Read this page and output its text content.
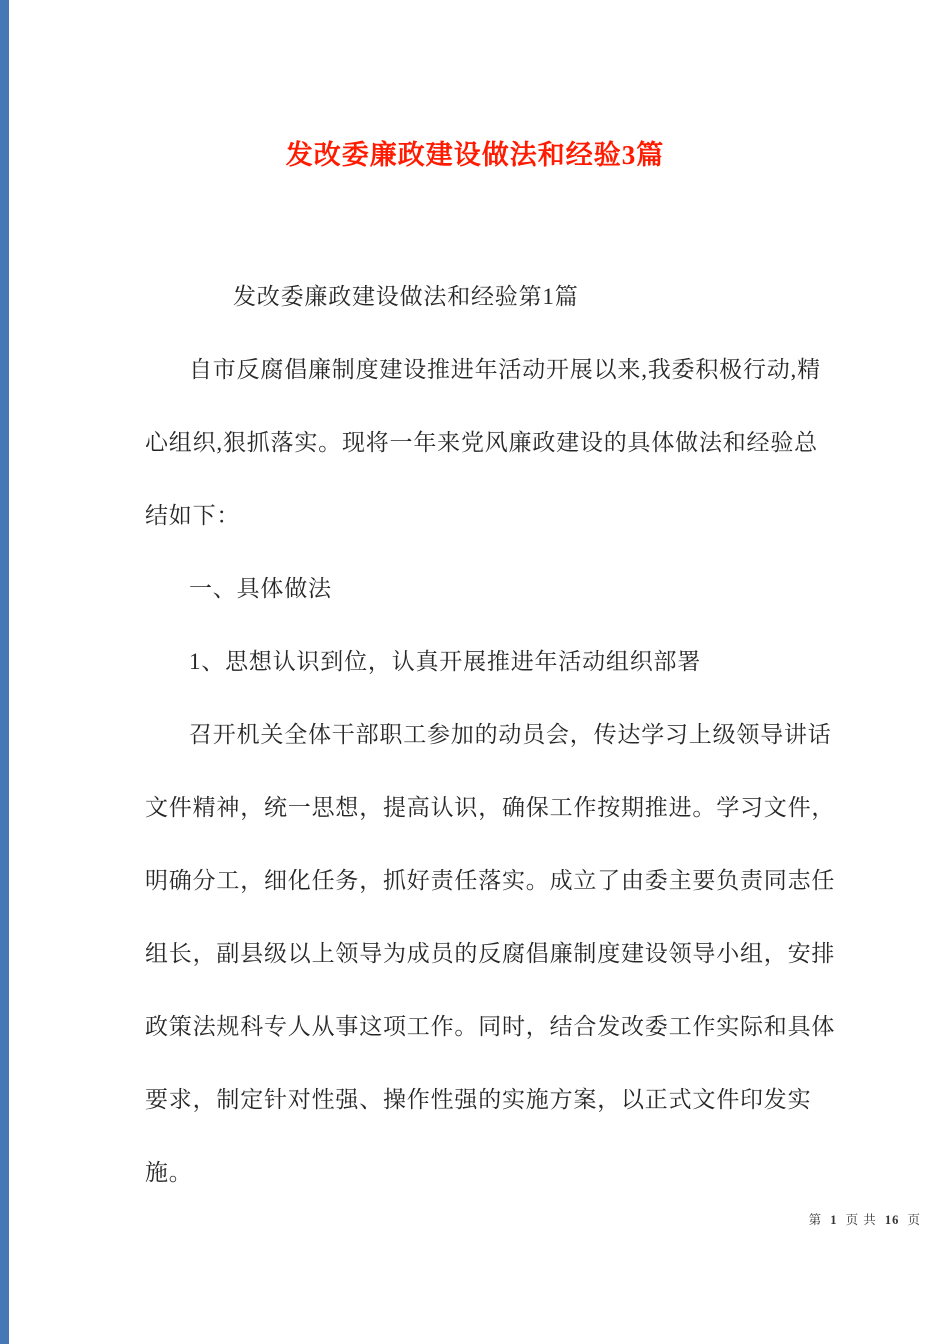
发改委廉政建设做法和经验3篇

发改委廉政建设做法和经验第1篇

自市反腐倡廉制度建设推进年活动开展以来,我委积极行动,精心组织,狠抓落实。现将一年来党风廉政建设的具体做法和经验总结如下：

一、具体做法

1、思想认识到位，认真开展推进年活动组织部署

召开机关全体干部职工参加的动员会，传达学习上级领导讲话文件精神，统一思想，提高认识，确保工作按期推进。学习文件，明确分工，细化任务，抓好责任落实。成立了由委主要负责同志任组长，副县级以上领导为成员的反腐倡廉制度建设领导小组，安排政策法规科专人从事这项工作。同时，结合发改委工作实际和具体要求，制定针对性强、操作性强的实施方案，以正式文件印发实施。

第 1 页 共 16 页
